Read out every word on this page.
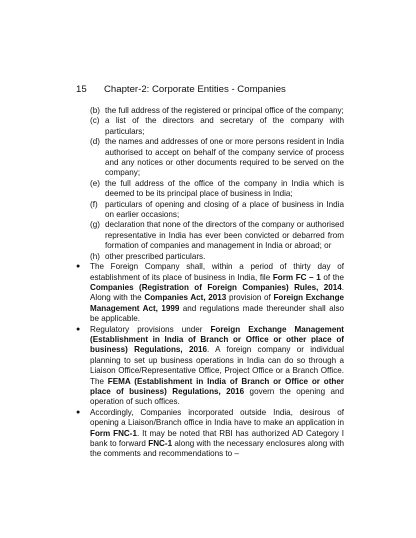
15 Chapter-2: Corporate Entities - Companies
(b) the full address of the registered or principal office of the company;
(c) a list of the directors and secretary of the company with particulars;
(d) the names and addresses of one or more persons resident in India authorised to accept on behalf of the company service of process and any notices or other documents required to be served on the company;
(e) the full address of the office of the company in India which is deemed to be its principal place of business in India;
(f) particulars of opening and closing of a place of business in India on earlier occasions;
(g) declaration that none of the directors of the company or authorised representative in India has ever been convicted or debarred from formation of companies and management in India or abroad; or
(h) other prescribed particulars.
●	The Foreign Company shall, within a period of thirty day of establishment of its place of business in India, file Form FC – 1 of the Companies (Registration of Foreign Companies) Rules, 2014. Along with the Companies Act, 2013 provision of Foreign Exchange Management Act, 1999 and regulations made thereunder shall also be applicable.
●	Regulatory provisions under Foreign Exchange Management (Establishment in India of Branch or Office or other place of business) Regulations, 2016. A foreign company or individual planning to set up business operations in India can do so through a Liaison Office/Representative Office, Project Office or a Branch Office. The FEMA (Establishment in India of Branch or Office or other place of business) Regulations, 2016 govern the opening and operation of such offices.
●	Accordingly, Companies incorporated outside India, desirous of opening a Liaison/Branch office in India have to make an application in Form FNC-1. It may be noted that RBI has authorized AD Category I bank to forward FNC-1 along with the necessary enclosures along with the comments and recommendations to –
